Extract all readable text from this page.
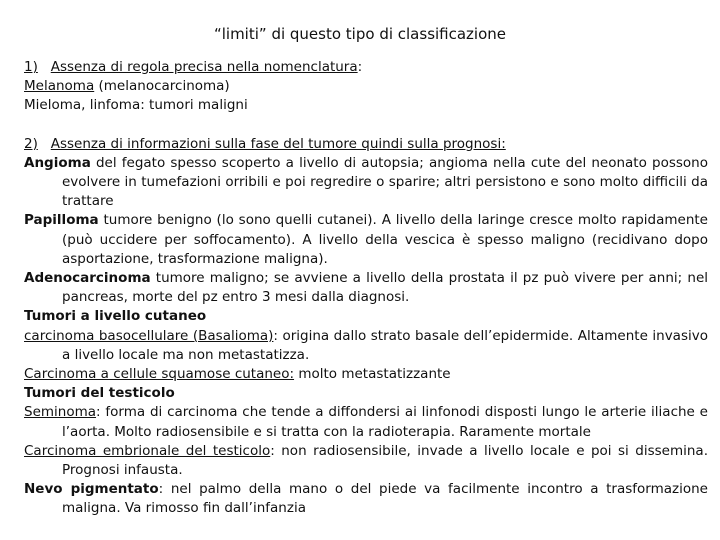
“limiti” di questo tipo di classificazione

1) Assenza di regola precisa nella nomenclatura:

Melanoma (melanocarcinoma)

Mieloma, linfoma: tumori maligni

2) Assenza di informazioni sulla fase del tumore quindi sulla prognosi:

Angioma del fegato spesso scoperto a livello di autopsia; angioma nella cute del neonato possono evolvere in tumefazioni orribili e poi regredire o sparire; altri persistono e sono molto difficili da trattare

Papilloma tumore benigno (lo sono quelli cutanei). A livello della laringe cresce molto rapidamente (può uccidere per soffocamento). A livello della vescica è spesso maligno (recidivano dopo asportazione, trasformazione maligna).

Adenocarcinoma tumore maligno; se avviene a livello della prostata il pz può vivere per anni; nel pancreas, morte del pz entro 3 mesi dalla diagnosi.

Tumori a livello cutaneo

carcinoma basocellulare (Basalioma): origina dallo strato basale dell’epidermide. Altamente invasivo a livello locale ma non metastatizza.

Carcinoma a cellule squamose cutaneo: molto metastatizzante

Tumori del testicolo

Seminoma: forma di carcinoma che tende a diffondersi ai linfonodi disposti lungo le arterie iliache e l’aorta. Molto radiosensibile e si tratta con la radioterapia. Raramente mortale

Carcinoma embrionale del testicolo: non radiosensibile, invade a livello locale e poi si dissemina. Prognosi infausta.

Nevo pigmentato: nel palmo della mano o del piede va facilmente incontro a trasformazione maligna. Va rimosso fin dall’infanzia
